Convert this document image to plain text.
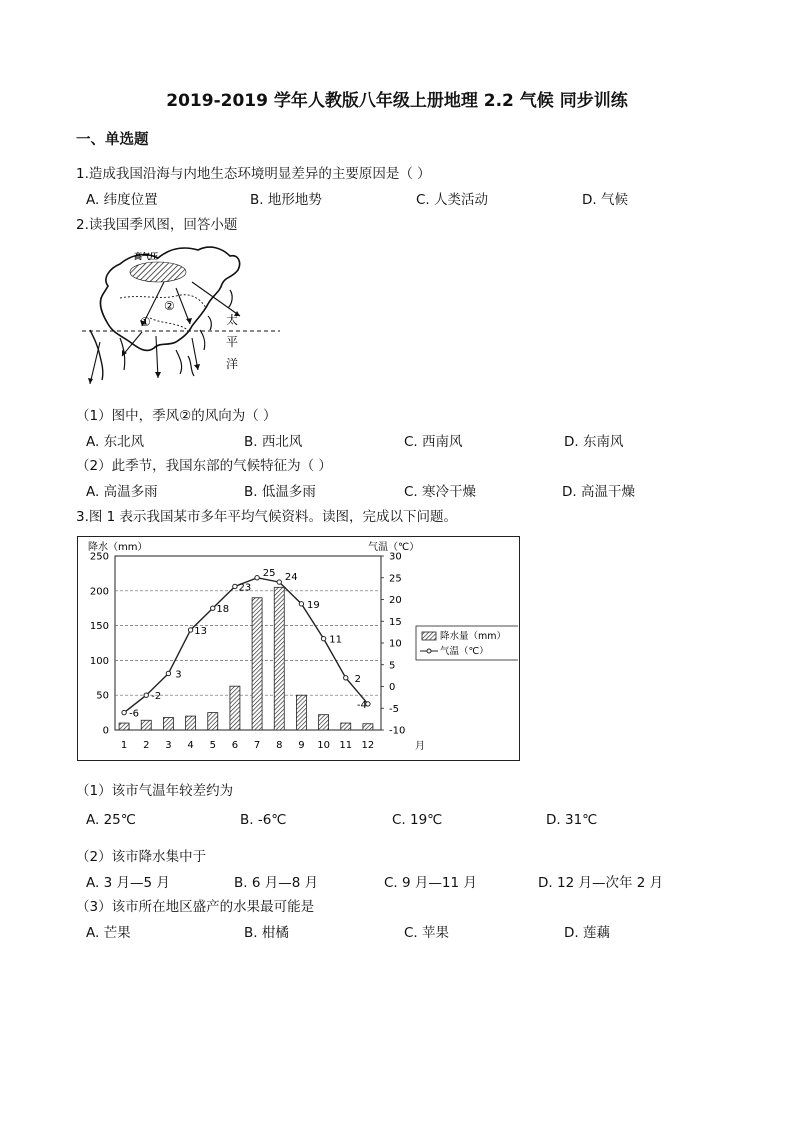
2019-2019 学年人教版八年级上册地理 2.2 气候 同步训练
一、单选题
1.造成我国沿海与内地生态环境明显差异的主要原因是（ ）
A. 纬度位置	B. 地形地势	C. 人类活动	D. 气候
2.读我国季风图，回答小题
高气压
①
②
太
平
洋
（1）图中，季风②的风向为（ ）
A. 东北风	B. 西北风	C. 西南风	D. 东南风
（2）此季节，我国东部的气候特征为（ ）
A. 高温多雨	B. 低温多雨	C. 寒冷干燥	D. 高温干燥
3.图 1 表示我国某市多年平均气候资料。读图，完成以下问题。
降水（mm）	气温（℃）
月
-6
-2
3
13
18
23
25 24
19
11
2
-4
0
50
100
150
200
250
-10
-5
0
5
10
15
20
25
30
1 2 3 4 5 6 7 8 9 10 11 12
降水量（mm）
气温（℃）
（1）该市气温年较差约为
A. 25℃	B. -6℃	C. 19℃	D. 31℃
（2）该市降水集中于
A. 3 月—5 月	B. 6 月—8 月	C. 9 月—11 月	D. 12 月—次年 2 月
（3）该市所在地区盛产的水果最可能是
A. 芒果	B. 柑橘	C. 苹果	D. 莲藕
